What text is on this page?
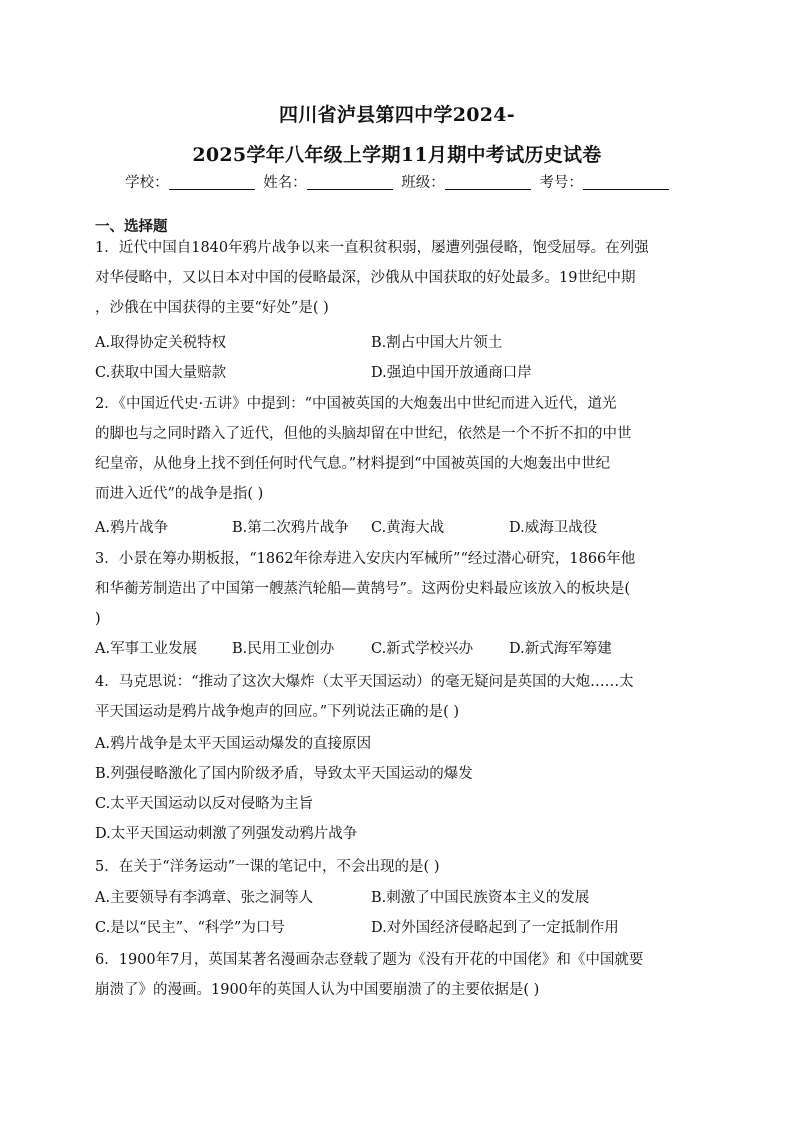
四川省泸县第四中学2024-
2025学年八年级上学期11月期中考试历史试卷
学校：	姓名：	班级：	考号：
一、选择题
1．近代中国自1840年鸦片战争以来一直积贫积弱，屡遭列强侵略，饱受屈辱。在列强
对华侵略中，又以日本对中国的侵略最深，沙俄从中国获取的好处最多。19世纪中期
，沙俄在中国获得的主要“好处”是( )
A.取得协定关税特权	B.割占中国大片领土
C.获取中国大量赔款	D.强迫中国开放通商口岸
2．《中国近代史·五讲》中提到：“中国被英国的大炮轰出中世纪而进入近代，道光
的脚也与之同时踏入了近代，但他的头脑却留在中世纪，依然是一个不折不扣的中世
纪皇帝，从他身上找不到任何时代气息。”材料提到“中国被英国的大炮轰出中世纪
而进入近代”的战争是指( )
A.鸦片战争	B.第二次鸦片战争 C.黄海大战	D.威海卫战役
3．小景在筹办期板报，“1862年徐寿进入安庆内军械所”“经过潜心研究，1866年他
和华蘅芳制造出了中国第一艘蒸汽轮船—黄鹄号”。这两份史料最应该放入的板块是(
)
A.军事工业发展 B.民用工业创办	C.新式学校兴办 D.新式海军筹建
4．马克思说：“推动了这次大爆炸（太平天国运动）的毫无疑问是英国的大炮……太
平天国运动是鸦片战争炮声的回应。”下列说法正确的是( )
A.鸦片战争是太平天国运动爆发的直接原因
B.列强侵略激化了国内阶级矛盾，导致太平天国运动的爆发
C.太平天国运动以反对侵略为主旨
D.太平天国运动刺激了列强发动鸦片战争
5．在关于“洋务运动”一课的笔记中，不会出现的是( )
A.主要领导有李鸿章、张之洞等人	B.刺激了中国民族资本主义的发展
C.是以“民主”、“科学”为口号	D.对外国经济侵略起到了一定抵制作用
6．1900年7月，英国某著名漫画杂志登载了题为《没有开花的中国佬》和《中国就要
崩溃了》的漫画。1900年的英国人认为中国要崩溃了的主要依据是( )
